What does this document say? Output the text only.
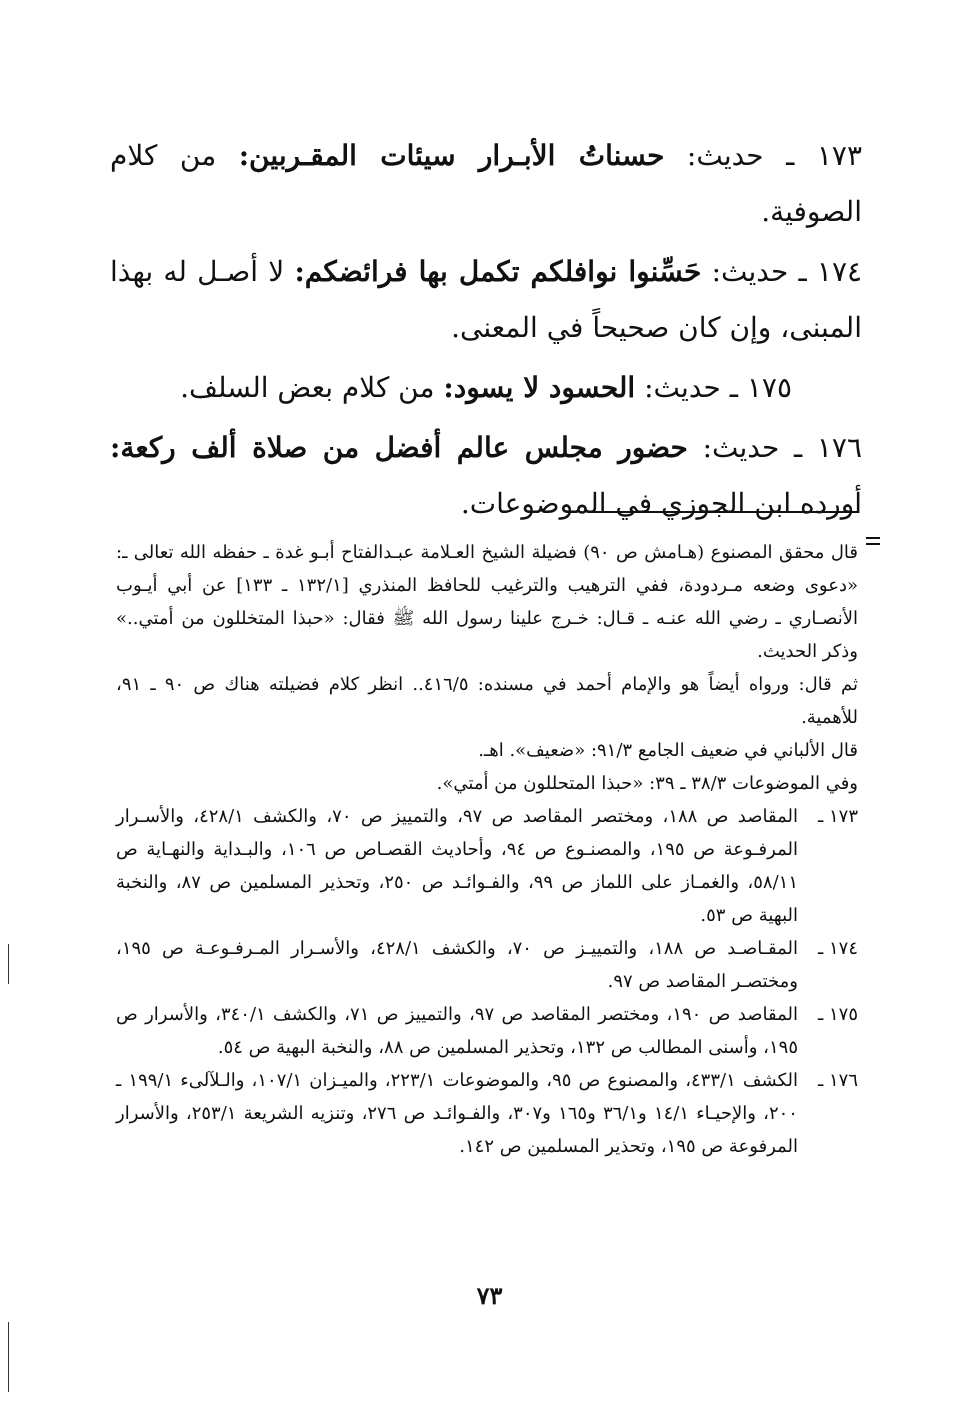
١٧٣ ـ حديث: حسناتُ الأبـرار سيئات المقـربين: من كلام الصوفية.

١٧٤ ـ حديث: حَسِّنوا نوافلكم تكمل بها فرائضكم: لا أصـل له بهذا المبنى، وإن كان صحيحاً في المعنى.

١٧٥ ـ حديث: الحسود لا يسود: من كلام بعض السلف.

١٧٦ ـ حديث: حضور مجلس عالم أفضل من صلاة ألف ركعة: أورده ابن الجوزي في الموضوعات.

قال محقق المصنوع (هـامش ص ٩٠) فضيلة الشيخ العـلامة عبـدالفتاح أبـو غدة ـ حفظه الله تعالى ـ: «دعوى وضعه مـردودة، ففي الترهيب والترغيب للحافظ المنذري [١٣٢/١ ـ ١٣٣] عن أبي أيـوب الأنصـاري ـ رضي الله عنـه ـ قـال: خـرج علينا رسول الله ﷺ فقال: «حبذا المتخللون من أمتي..» وذكر الحديث.

ثم قال: ورواه أيضاً هو والإمام أحمد في مسنده: ٤١٦/٥.. انظر كلام فضيلته هناك ص ٩٠ ـ ٩١، للأهمية.

قال الألباني في ضعيف الجامع ٩١/٣: «ضعيف». اهـ.

وفي الموضوعات ٣٨/٣ ـ ٣٩: «حبذا المتحللون من أمتي».

١٧٣ ـالمقاصد ص ١٨٨، ومختصر المقاصد ص ٩٧، والتمييز ص ٧٠، والكشف ٤٢٨/١، والأسـرار المرفـوعة ص ١٩٥، والمصنـوع ص ٩٤، وأحاديث القصـاص ص ١٠٦، والبـداية والنهـاية ص ٥٨/١١، والغمـاز على اللماز ص ٩٩، والفـوائـد ص ٢٥٠، وتحذير المسلمين ص ٨٧، والنخبة البهية ص ٥٣.

١٧٤ ـالمقـاصـد ص ١٨٨، والتمييـز ص ٧٠، والكشف ٤٢٨/١، والأسـرار المـرفـوعـة ص ١٩٥، ومختصـر المقاصد ص ٩٧.

١٧٥ ـالمقاصد ص ١٩٠، ومختصر المقاصد ص ٩٧، والتمييز ص ٧١، والكشف ٣٤٠/١، والأسرار ص ١٩٥، وأسنى المطالب ص ١٣٢، وتحذير المسلمين ص ٨٨، والنخبة البهية ص ٥٤.

١٧٦ ـالكشف ٤٣٣/١، والمصنوع ص ٩٥، والموضوعات ٢٢٣/١، والميـزان ١٠٧/١، والـلآلىء ١٩٩/١ ـ ٢٠٠، والإحيـاء ١٤/١ و٣٦/١ و١٦٥ و٣٠٧، والفـوائـد ص ٢٧٦، وتنزيه الشريعة ٢٥٣/١، والأسرار المرفوعة ص ١٩٥، وتحذير المسلمين ص ١٤٢.

٧٣
